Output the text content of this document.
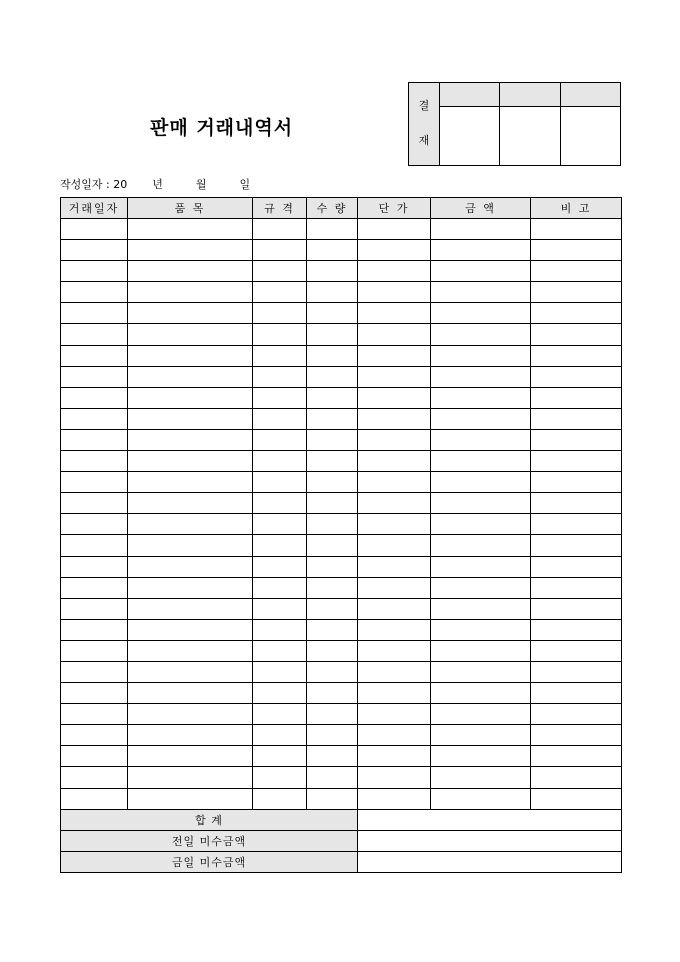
판매 거래내역서
결
재			

작성일자 : 20 년	월	일
거래일자	품 목	규 격	수 량	단 가	금 액	비 고

합 계						
전일 미수금액						
금일 미수금액						
